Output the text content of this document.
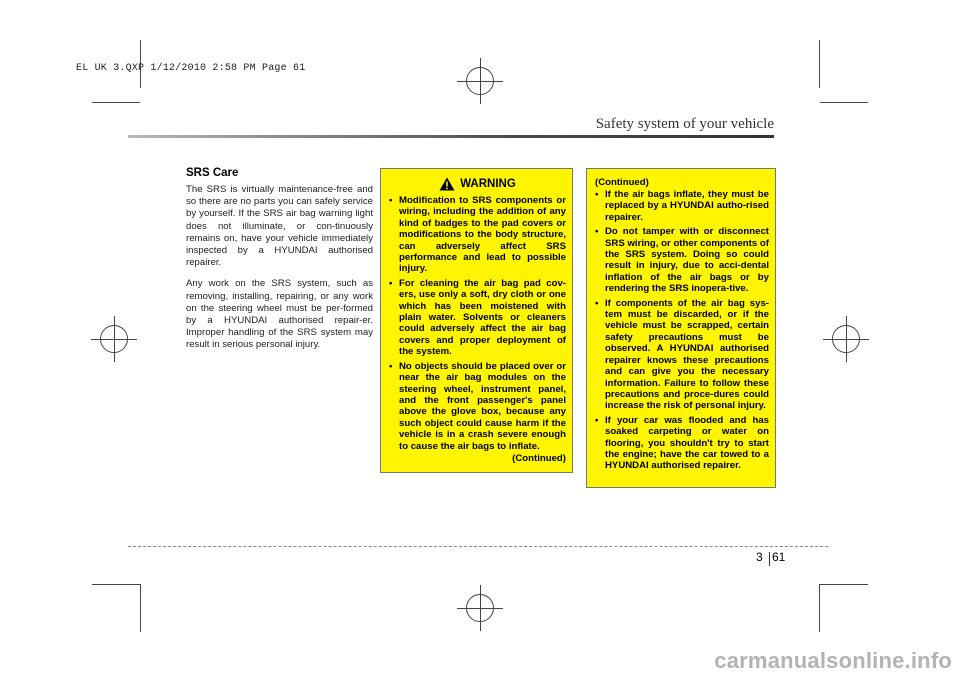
EL UK 3.QXP 1/12/2010 2:58 PM Page 61
Safety system of your vehicle
SRS Care

The SRS is virtually maintenance-free and so there are no parts you can safely service by yourself. If the SRS air bag warning light does not illuminate, or con-tinuously remains on, have your vehicle immediately inspected by a HYUNDAI authorised repairer.

Any work on the SRS system, such as removing, installing, repairing, or any work on the steering wheel must be per-formed by a HYUNDAI authorised repair-er. Improper handling of the SRS system may result in serious personal injury.

WARNING
• Modification to SRS components or wiring, including the addition of any kind of badges to the pad covers or modifications to the body structure, can adversely affect SRS performance and lead to possible injury.
• For cleaning the air bag pad cov-ers, use only a soft, dry cloth or one which has been moistened with plain water. Solvents or cleaners could adversely affect the air bag covers and proper deployment of the system.
• No objects should be placed over or near the air bag modules on the steering wheel, instrument panel, and the front passenger's panel above the glove box, because any such object could cause harm if the vehicle is in a crash severe enough to cause the air bags to inflate.
(Continued)
(Continued)
• If the air bags inflate, they must be replaced by a HYUNDAI autho-rised repairer.
• Do not tamper with or disconnect SRS wiring, or other components of the SRS system. Doing so could result in injury, due to acci-dental inflation of the air bags or by rendering the SRS inopera-tive.
• If components of the air bag sys-tem must be discarded, or if the vehicle must be scrapped, certain safety precautions must be observed. A HYUNDAI authorised repairer knows these precautions and can give you the necessary information. Failure to follow these precautions and proce-dures could increase the risk of personal injury.
• If your car was flooded and has soaked carpeting or water on flooring, you shouldn't try to start the engine; have the car towed to a HYUNDAI authorised repairer.
3 61
carmanualsonline.info
